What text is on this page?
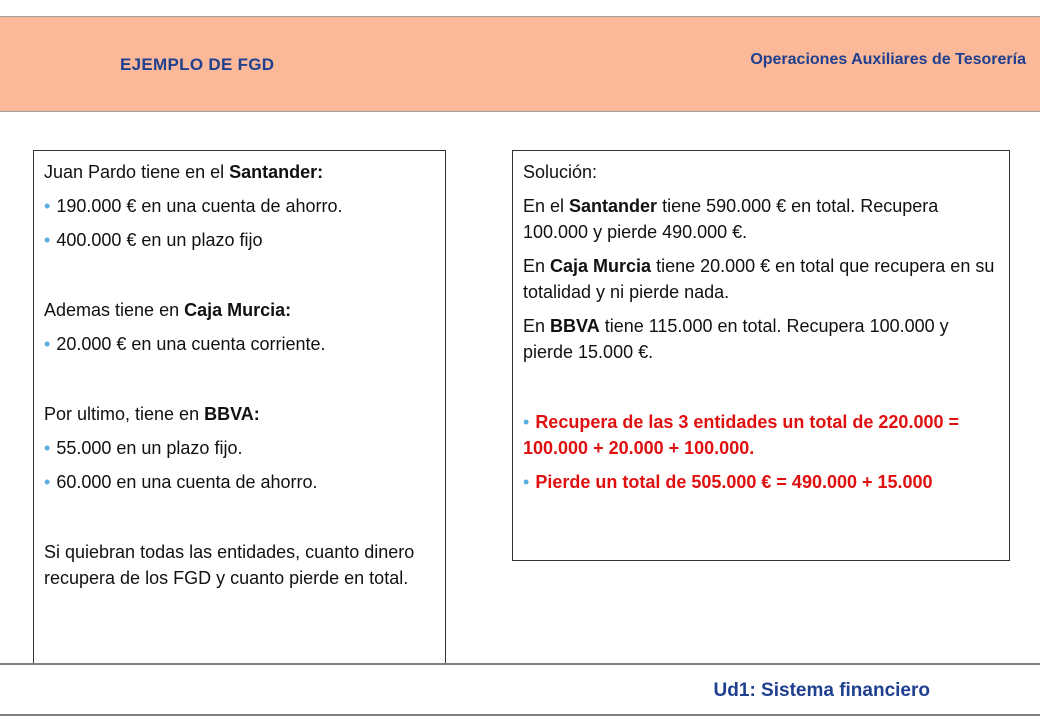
EJEMPLO DE FGD	Operaciones Auxiliares de Tesorería

Juan Pardo tiene en el Santander:

• 190.000 € en una cuenta de ahorro.

• 400.000 € en un plazo fijo

Ademas tiene en Caja Murcia:

• 20.000 € en una cuenta corriente.

Por ultimo, tiene en BBVA:

• 55.000 en un plazo fijo.

• 60.000 en una cuenta de ahorro.

Si quiebran todas las entidades, cuanto dinero recupera de los FGD y cuanto pierde en total.

Solución:

En el Santander tiene 590.000 € en total. Recupera 100.000 y pierde 490.000 €.

En Caja Murcia tiene 20.000 € en total que recupera en su totalidad y ni pierde nada.

En BBVA tiene 115.000 en total. Recupera 100.000 y pierde 15.000 €.

• Recupera de las 3 entidades un total de 220.000 = 100.000 + 20.000 + 100.000.

• Pierde un total de 505.000 € = 490.000 + 15.000

Ud1: Sistema financiero
